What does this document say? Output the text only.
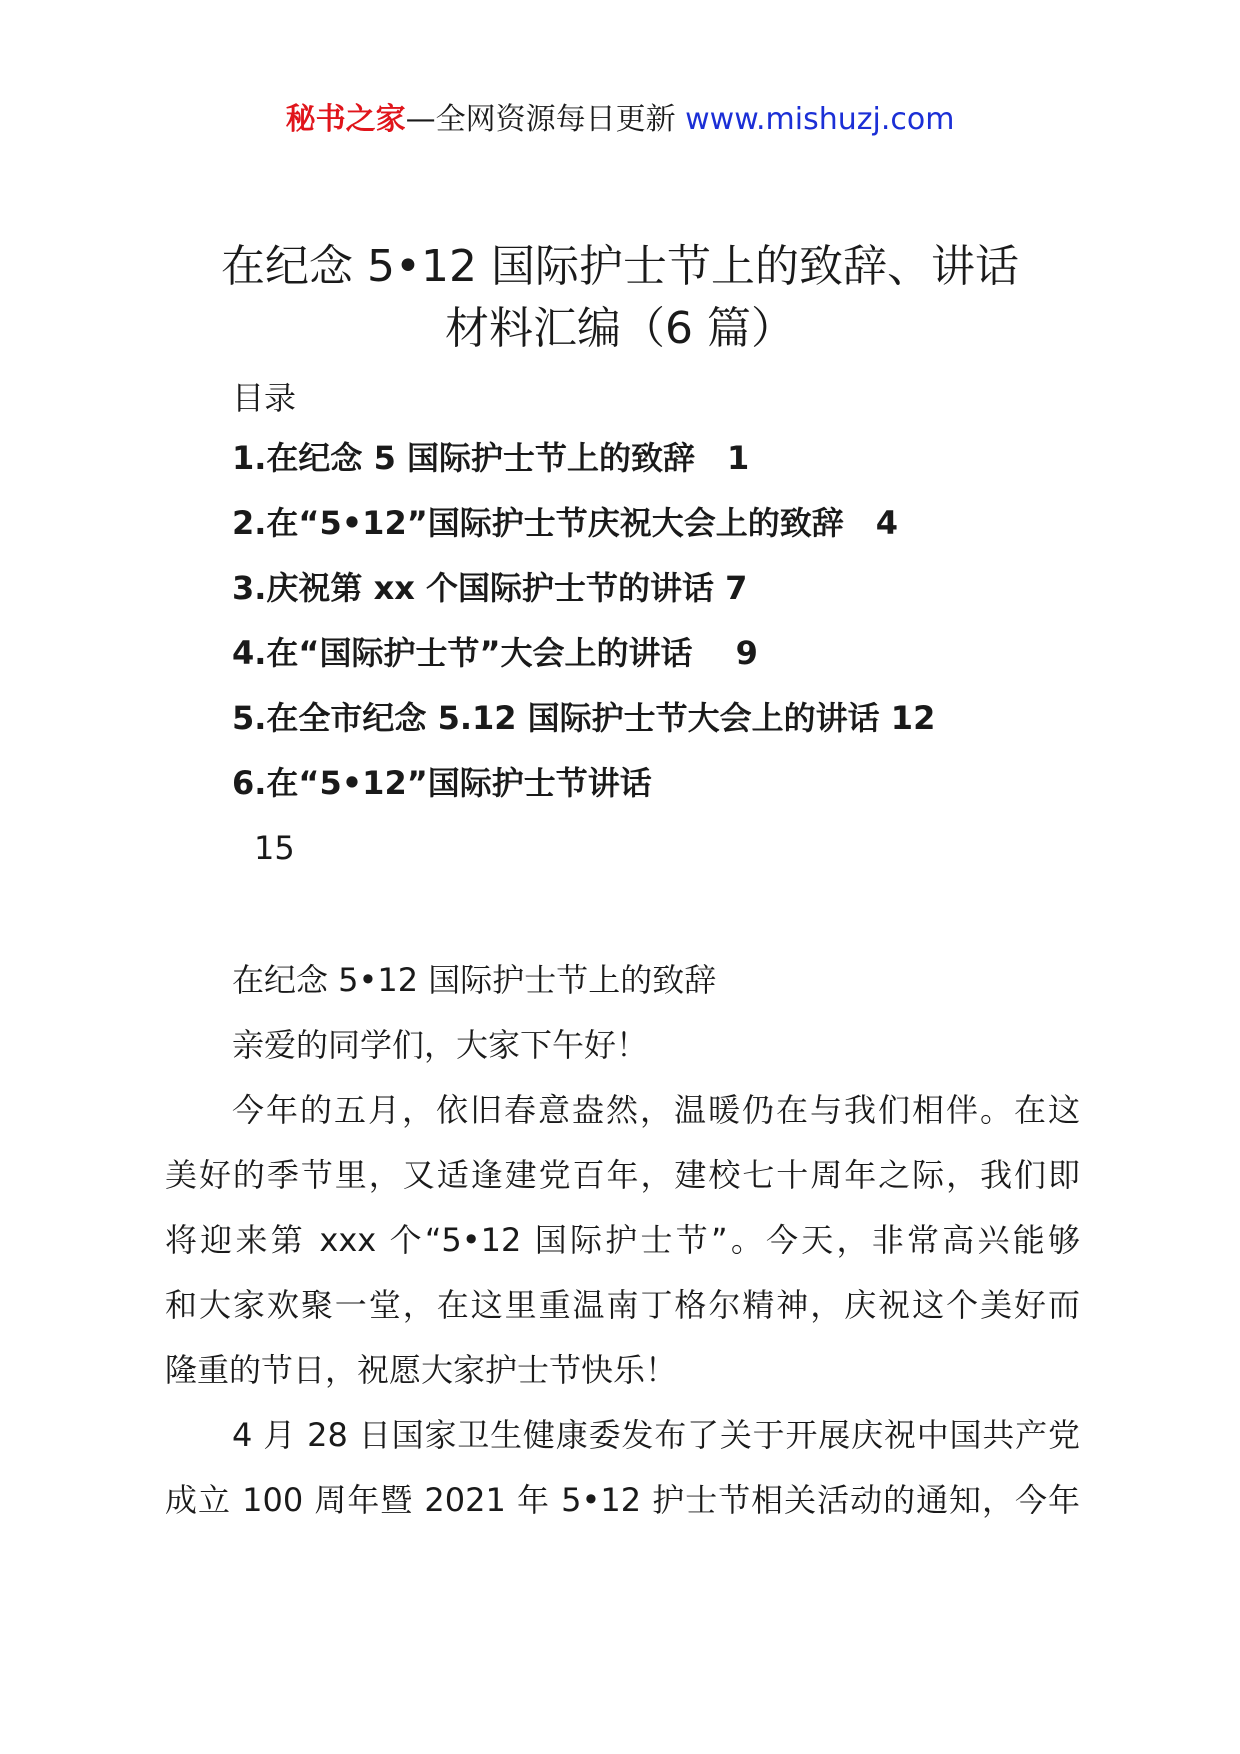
秘书之家—全网资源每日更新 www.mishuzj.com
在纪念 5•12 国际护士节上的致辞、讲话
材料汇编（6 篇）
目录
1.在纪念 5 国际护士节上的致辞　1
2.在“5•12”国际护士节庆祝大会上的致辞　4
3.庆祝第 xx 个国际护士节的讲话 7
4.在“国际护士节”大会上的讲话　 9
5.在全市纪念 5.12 国际护士节大会上的讲话 12
6.在“5•12”国际护士节讲话
15
在纪念 5•12 国际护士节上的致辞
亲爱的同学们，大家下午好！
今年的五月，依旧春意盎然，温暖仍在与我们相伴。在这
美好的季节里，又适逢建党百年，建校七十周年之际，我们即
将迎来第 xxx 个“5•12 国际护士节”。今天，非常高兴能够
和大家欢聚一堂，在这里重温南丁格尔精神，庆祝这个美好而
隆重的节日，祝愿大家护士节快乐！
4 月 28 日国家卫生健康委发布了关于开展庆祝中国共产党
成立 100 周年暨 2021 年 5•12 护士节相关活动的通知，今年
